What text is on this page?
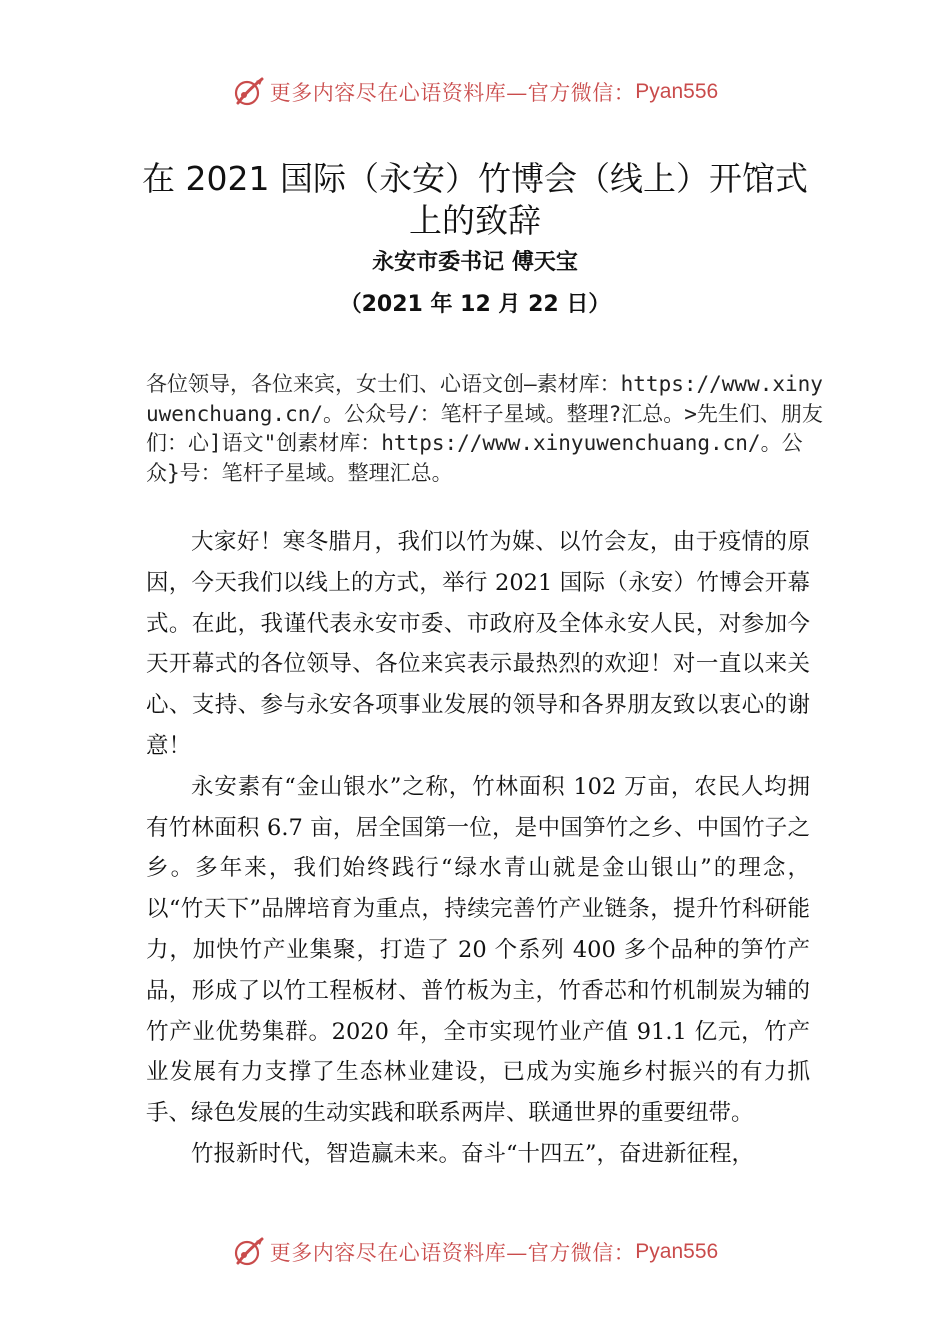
更多内容尽在心语资料库—官方微信： Pyan556
在 2021 国际（永安）竹博会（线上）开馆式上的致辞
永安市委书记 傅天宝
（2021 年 12 月 22 日）
各位领导，各位来宾，女士们、心语文创—素材库：https://www.xinyuwenchuang.cn/。公众号/：笔杆子星域。整理?汇总。>先生们、朋友们：心]语文"创素材库：https://www.xinyuwenchuang.cn/。公众}号：笔杆子星域。整理汇总。

大家好！寒冬腊月，我们以竹为媒、以竹会友，由于疫情的原因，今天我们以线上的方式，举行 2021 国际（永安）竹博会开幕式。在此，我谨代表永安市委、市政府及全体永安人民，对参加今天开幕式的各位领导、各位来宾表示最热烈的欢迎！对一直以来关心、支持、参与永安各项事业发展的领导和各界朋友致以衷心的谢意！

永安素有“金山银水”之称，竹林面积 102 万亩，农民人均拥有竹林面积 6.7 亩，居全国第一位，是中国笋竹之乡、中国竹子之乡。多年来，我们始终践行“绿水青山就是金山银山”的理念，以“竹天下”品牌培育为重点，持续完善竹产业链条，提升竹科研能力，加快竹产业集聚，打造了 20 个系列 400 多个品种的笋竹产品，形成了以竹工程板材、普竹板为主，竹香芯和竹机制炭为辅的竹产业优势集群。2020 年，全市实现竹业产值 91.1 亿元，竹产业发展有力支撑了生态林业建设，已成为实施乡村振兴的有力抓手、绿色发展的生动实践和联系两岸、联通世界的重要纽带。

竹报新时代，智造赢未来。奋斗“十四五”，奋进新征程，

更多内容尽在心语资料库—官方微信： Pyan556
